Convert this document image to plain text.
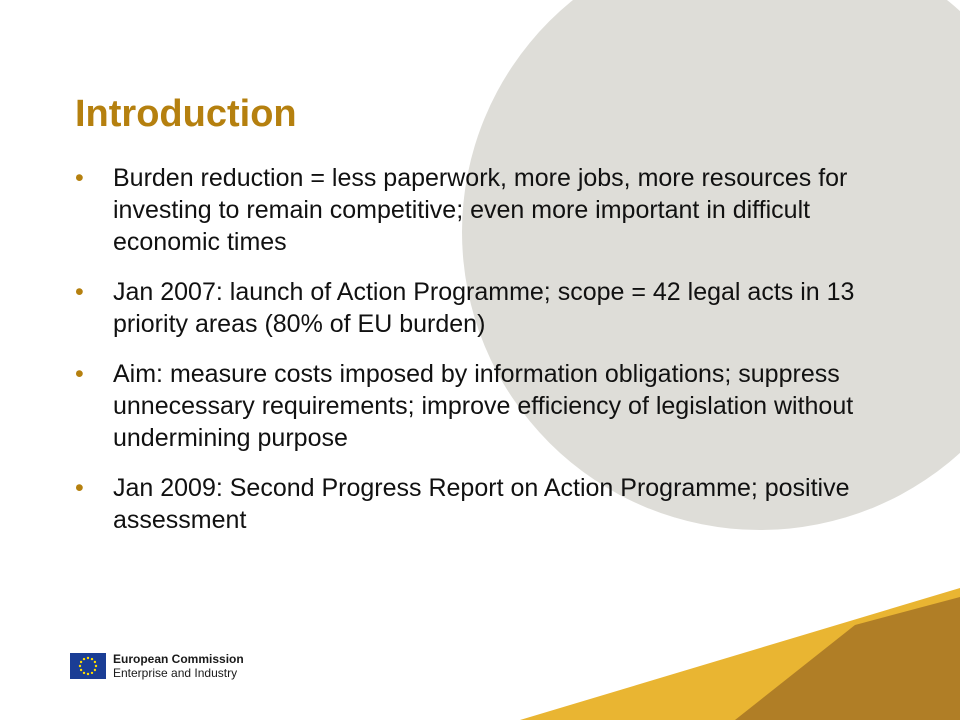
Introduction
• Burden reduction = less paperwork, more jobs, more resources for investing to remain competitive; even more important in difficult economic times
• Jan 2007: launch of Action Programme; scope = 42 legal acts in 13 priority areas (80% of EU burden)
• Aim: measure costs imposed by information obligations; suppress unnecessary requirements; improve efficiency of legislation without undermining purpose
• Jan 2009: Second Progress Report on Action Programme; positive assessment
European Commission
Enterprise and Industry
